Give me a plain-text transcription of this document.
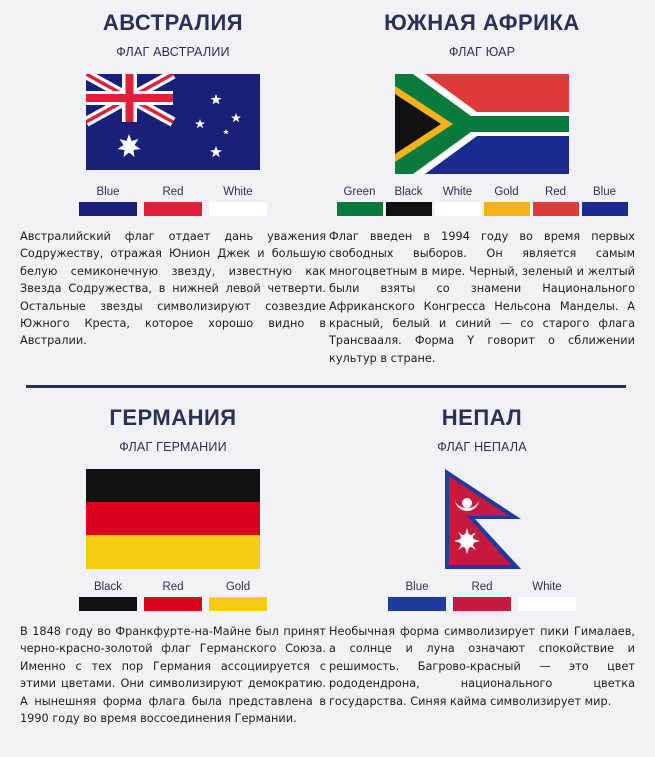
АВСТРАЛИЯ
ФЛАГ АВСТРАЛИИ
Blue	Red	White

Австралийский флаг отдает дань уважения Содружеству, отражая Юнион Джек и большую белую семиконечную звезду, известную как Звезда Содружества, в нижней левой четверти. Остальные звезды символизируют созвездие Южного Креста, которое хорошо видно в Австралии.

ЮЖНАЯ АФРИКА
ФЛАГ ЮАР
Green Black White Gold Red Blue

Флаг введен в 1994 году во время первых свободных выборов. Он является самым многоцветным в мире. Черный, зеленый и желтый были взяты со знамени Национального Африканского Конгресса Нельсона Манделы. А красный, белый и синий — со старого флага Трансвааля. Форма Y говорит о сближении культур в стране.

ГЕРМАНИЯ
ФЛАГ ГЕРМАНИИ
Black	Red	Gold

В 1848 году во Франкфурте-на-Майне был принят черно-красно-золотой флаг Германского Союза. Именно с тех пор Германия ассоциируется с этими цветами. Они символизируют демократию. А нынешняя форма флага была представлена в 1990 году во время воссоединения Германии.

НЕПАЛ
ФЛАГ НЕПАЛА
Blue	Red	White

Необычная форма символизирует пики Гималаев, а солнце и луна означают спокойствие и решимость. Багрово-красный — это цвет рододендрона, национального цветка государства. Синяя кайма символизирует мир.
